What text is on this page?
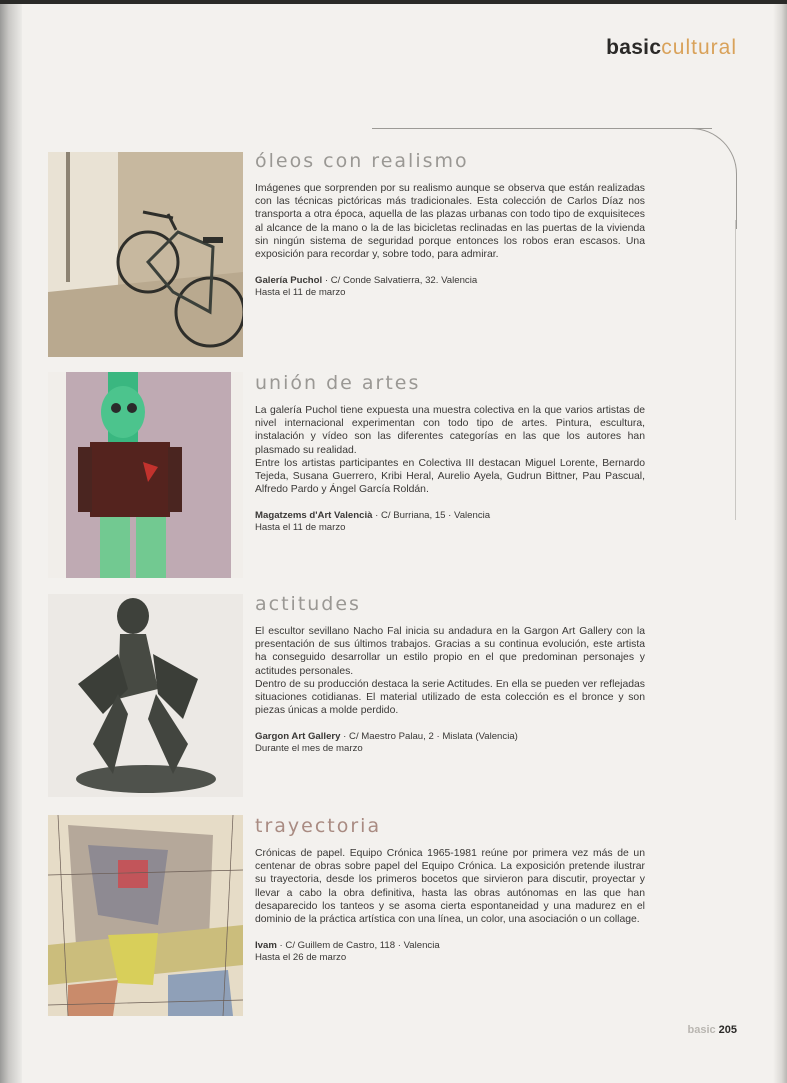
basiccultural
óleos con realismo

Imágenes que sorprenden por su realismo aunque se observa que están realizadas con las técnicas pictóricas más tradicionales. Esta colección de Carlos Díaz nos transporta a otra época, aquella de las plazas urbanas con todo tipo de exquisiteces al alcance de la mano o la de las bicicletas reclinadas en las puertas de la vivienda sin ningún sistema de seguridad porque entonces los robos eran escasos. Una exposición para recordar y, sobre todo, para admirar.

Galería Puchol · C/ Conde Salvatierra, 32. Valencia
Hasta el 11 de marzo
unión de artes

La galería Puchol tiene expuesta una muestra colectiva en la que varios artistas de nivel internacional experimentan con todo tipo de artes. Pintura, escultura, instalación y vídeo son las diferentes categorías en las que los autores han plasmado su realidad.

Entre los artistas participantes en Colectiva III destacan Miguel Lorente, Bernardo Tejeda, Susana Guerrero, Kribi Heral, Aurelio Ayela, Gudrun Bittner, Pau Pascual, Alfredo Pardo y Ángel García Roldán.

Magatzems d'Art Valencià · C/ Burriana, 15 · Valencia
Hasta el 11 de marzo
actitudes

El escultor sevillano Nacho Fal inicia su andadura en la Gargon Art Gallery con la presentación de sus últimos trabajos. Gracias a su continua evolución, este artista ha conseguido desarrollar un estilo propio en el que predominan personajes y actitudes personales.

Dentro de su producción destaca la serie Actitudes. En ella se pueden ver reflejadas situaciones cotidianas. El material utilizado de esta colección es el bronce y son piezas únicas a molde perdido.

Gargon Art Gallery · C/ Maestro Palau, 2 · Mislata (Valencia)
Durante el mes de marzo
trayectoria

Crónicas de papel. Equipo Crónica 1965-1981 reúne por primera vez más de un centenar de obras sobre papel del Equipo Crónica. La exposición pretende ilustrar su trayectoria, desde los primeros bocetos que sirvieron para discutir, proyectar y llevar a cabo la obra definitiva, hasta las obras autónomas en las que han desaparecido los tanteos y se asoma cierta espontaneidad y una madurez en el dominio de la práctica artística con una línea, un color, una asociación o un collage.

Ivam · C/ Guillem de Castro, 118 · Valencia
Hasta el 26 de marzo
basic 205
